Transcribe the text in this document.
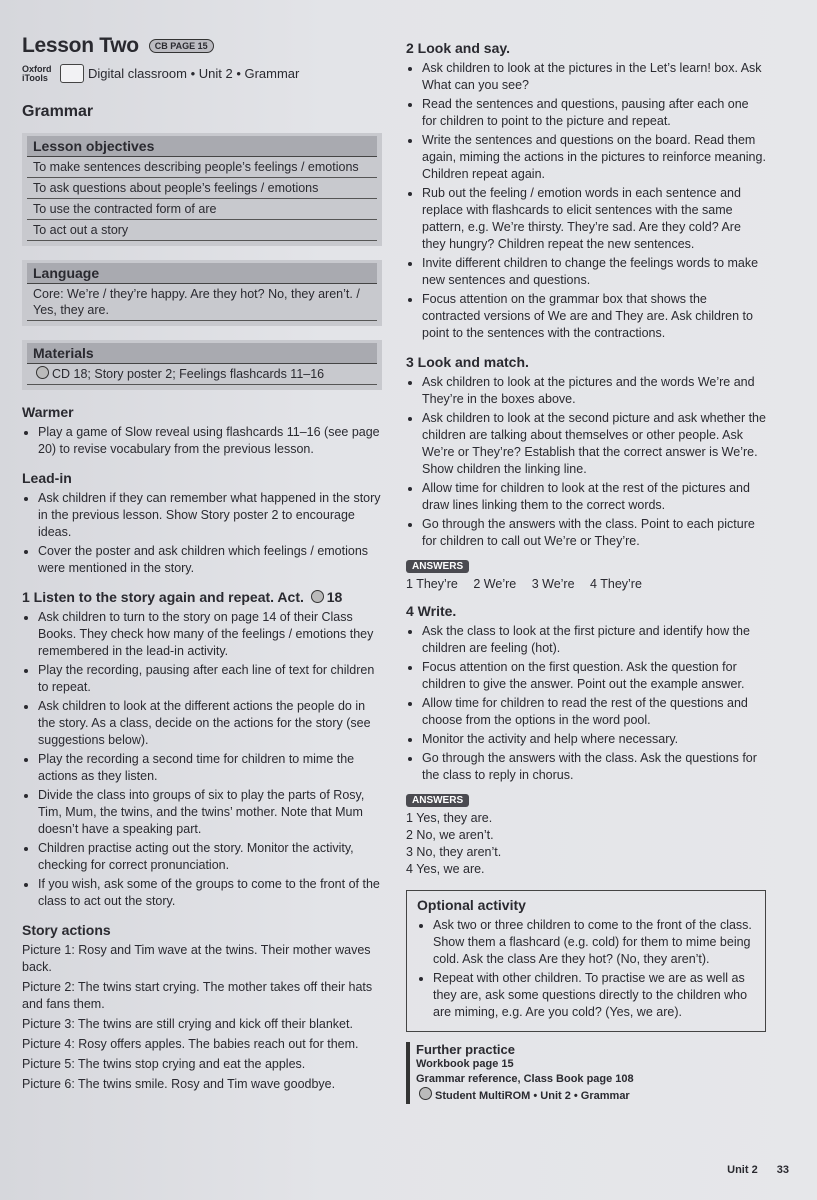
Lesson Two	CB PAGE 15
Oxford iTools	Digital classroom • Unit 2 • Grammar
Grammar
Lesson objectives
To make sentences describing people’s feelings / emotions
To ask questions about people’s feelings / emotions
To use the contracted form of are
To act out a story
Language
Core: We’re / they’re happy. Are they hot? No, they aren’t. / Yes, they are.
Materials
CD 18; Story poster 2; Feelings flashcards 11–16
Warmer
• Play a game of Slow reveal using flashcards 11–16 (see page 20) to revise vocabulary from the previous lesson.
Lead-in
• Ask children if they can remember what happened in the story in the previous lesson. Show Story poster 2 to encourage ideas.
• Cover the poster and ask children which feelings / emotions were mentioned in the story.
1 Listen to the story again and repeat. Act. 18
• Ask children to turn to the story on page 14 of their Class Books. They check how many of the feelings / emotions they remembered in the lead-in activity.
• Play the recording, pausing after each line of text for children to repeat.
• Ask children to look at the different actions the people do in the story. As a class, decide on the actions for the story (see suggestions below).
• Play the recording a second time for children to mime the actions as they listen.
• Divide the class into groups of six to play the parts of Rosy, Tim, Mum, the twins, and the twins’ mother. Note that Mum doesn’t have a speaking part.
• Children practise acting out the story. Monitor the activity, checking for correct pronunciation.
• If you wish, ask some of the groups to come to the front of the class to act out the story.
Story actions

Picture 1: Rosy and Tim wave at the twins. Their mother waves back.

Picture 2: The twins start crying. The mother takes off their hats and fans them.

Picture 3: The twins are still crying and kick off their blanket.

Picture 4: Rosy offers apples. The babies reach out for them.

Picture 5: The twins stop crying and eat the apples.

Picture 6: The twins smile. Rosy and Tim wave goodbye.

2 Look and say.
• Ask children to look at the pictures in the Let’s learn! box. Ask What can you see?
• Read the sentences and questions, pausing after each one for children to point to the picture and repeat.
• Write the sentences and questions on the board. Read them again, miming the actions in the pictures to reinforce meaning. Children repeat again.
• Rub out the feeling / emotion words in each sentence and replace with flashcards to elicit sentences with the same pattern, e.g. We’re thirsty. They’re sad. Are they cold? Are they hungry? Children repeat the new sentences.
• Invite different children to change the feelings words to make new sentences and questions.
• Focus attention on the grammar box that shows the contracted versions of We are and They are. Ask children to point to the sentences with the contractions.
3 Look and match.
• Ask children to look at the pictures and the words We’re and They’re in the boxes above.
• Ask children to look at the second picture and ask whether the children are talking about themselves or other people. Ask We’re or They’re? Establish that the correct answer is We’re. Show children the linking line.
• Allow time for children to look at the rest of the pictures and draw lines linking them to the correct words.
• Go through the answers with the class. Point to each picture for children to call out We’re or They’re.
ANSWERS
1 They’re 2 We’re 3 We’re 4 They’re
4 Write.
• Ask the class to look at the first picture and identify how the children are feeling (hot).
• Focus attention on the first question. Ask the question for children to give the answer. Point out the example answer.
• Allow time for children to read the rest of the questions and choose from the options in the word pool.
• Monitor the activity and help where necessary.
• Go through the answers with the class. Ask the questions for the class to reply in chorus.
ANSWERS
1 Yes, they are.
2 No, we aren’t.
3 No, they aren’t.
4 Yes, we are.
Optional activity
• Ask two or three children to come to the front of the class. Show them a flashcard (e.g. cold) for them to mime being cold. Ask the class Are they hot? (No, they aren’t).
• Repeat with other children. To practise we are as well as they are, ask some questions directly to the children who are miming, e.g. Are you cold? (Yes, we are).
Further practice
Workbook page 15
Grammar reference, Class Book page 108
Student MultiROM • Unit 2 • Grammar
Unit 2 33
